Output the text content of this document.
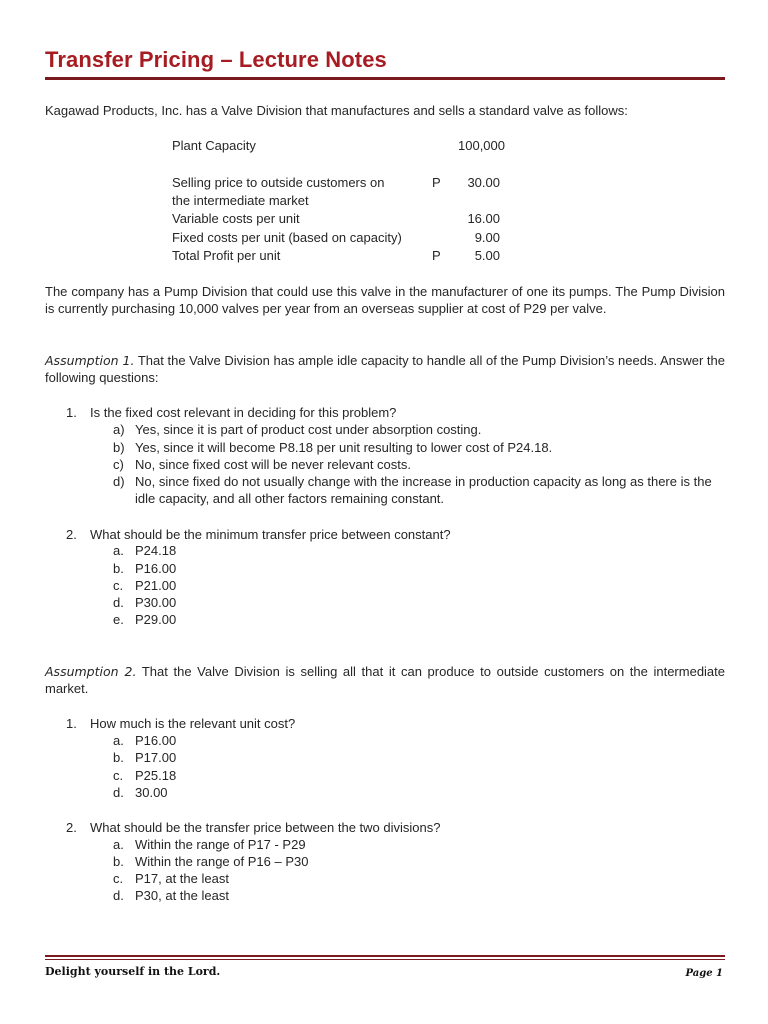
Transfer Pricing – Lecture Notes
Kagawad Products, Inc. has a Valve Division that manufactures and sells a standard valve as follows:
Plant Capacity	100,000
Selling price to outside customers on
the intermediate market
P	30.00
Variable costs per unit	16.00
Fixed costs per unit (based on capacity)	9.00
Total Profit per unit	P	5.00
The company has a Pump Division that could use this valve in the manufacturer of one its pumps. The Pump Division is currently purchasing 10,000 valves per year from an overseas supplier at cost of P29 per valve.
Assumption 1. That the Valve Division has ample idle capacity to handle all of the Pump Division’s needs. Answer the following questions:
1. Is the fixed cost relevant in deciding for this problem?
a) Yes, since it is part of product cost under absorption costing.
b) Yes, since it will become P8.18 per unit resulting to lower cost of P24.18.
c) No, since fixed cost will be never relevant costs.
d) No, since fixed do not usually change with the increase in production capacity as long as there is the idle capacity, and all other factors remaining constant.
2. What should be the minimum transfer price between constant?
a. P24.18
b. P16.00
c. P21.00
d. P30.00
e. P29.00
Assumption 2. That the Valve Division is selling all that it can produce to outside customers on the intermediate market.
1. How much is the relevant unit cost?
a. P16.00
b. P17.00
c. P25.18
d. 30.00
2. What should be the transfer price between the two divisions?
a. Within the range of P17 - P29
b. Within the range of P16 – P30
c. P17, at the least
d. P30, at the least
Delight yourself in the Lord.	Page 1
